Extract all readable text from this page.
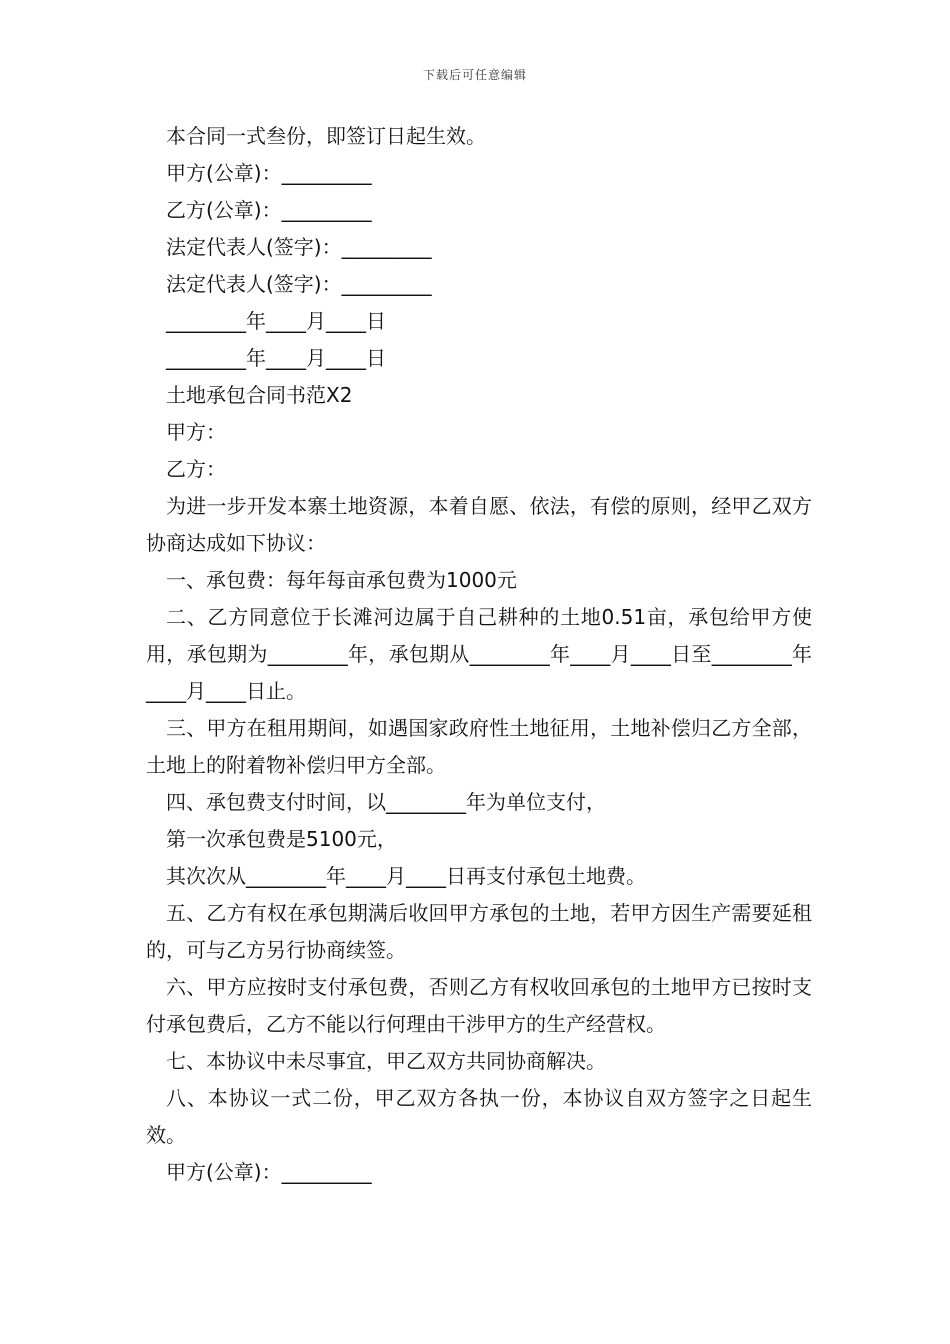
下载后可任意编辑

本合同一式叁份，即签订日起生效。

甲方(公章)：_________

乙方(公章)：_________

法定代表人(签字)：_________

法定代表人(签字)：_________

________年____月____日

________年____月____日

土地承包合同书范X2

甲方：

乙方：

为进一步开发本寨土地资源，本着自愿、依法，有偿的原则，经甲乙双方协商达成如下协议：

一、承包费：每年每亩承包费为1000元

二、乙方同意位于长滩河边属于自己耕种的土地0.51亩，承包给甲方使用，承包期为________年，承包期从________年____月____日至________年____月____日止。

三、甲方在租用期间，如遇国家政府性土地征用，土地补偿归乙方全部，土地上的附着物补偿归甲方全部。

四、承包费支付时间，以________年为单位支付，

第一次承包费是5100元，

其次次从________年____月____日再支付承包土地费。

五、乙方有权在承包期满后收回甲方承包的土地，若甲方因生产需要延租的，可与乙方另行协商续签。

六、甲方应按时支付承包费，否则乙方有权收回承包的土地甲方已按时支付承包费后，乙方不能以行何理由干涉甲方的生产经营权。

七、本协议中未尽事宜，甲乙双方共同协商解决。

八、本协议一式二份，甲乙双方各执一份，本协议自双方签字之日起生效。

甲方(公章)：_________
